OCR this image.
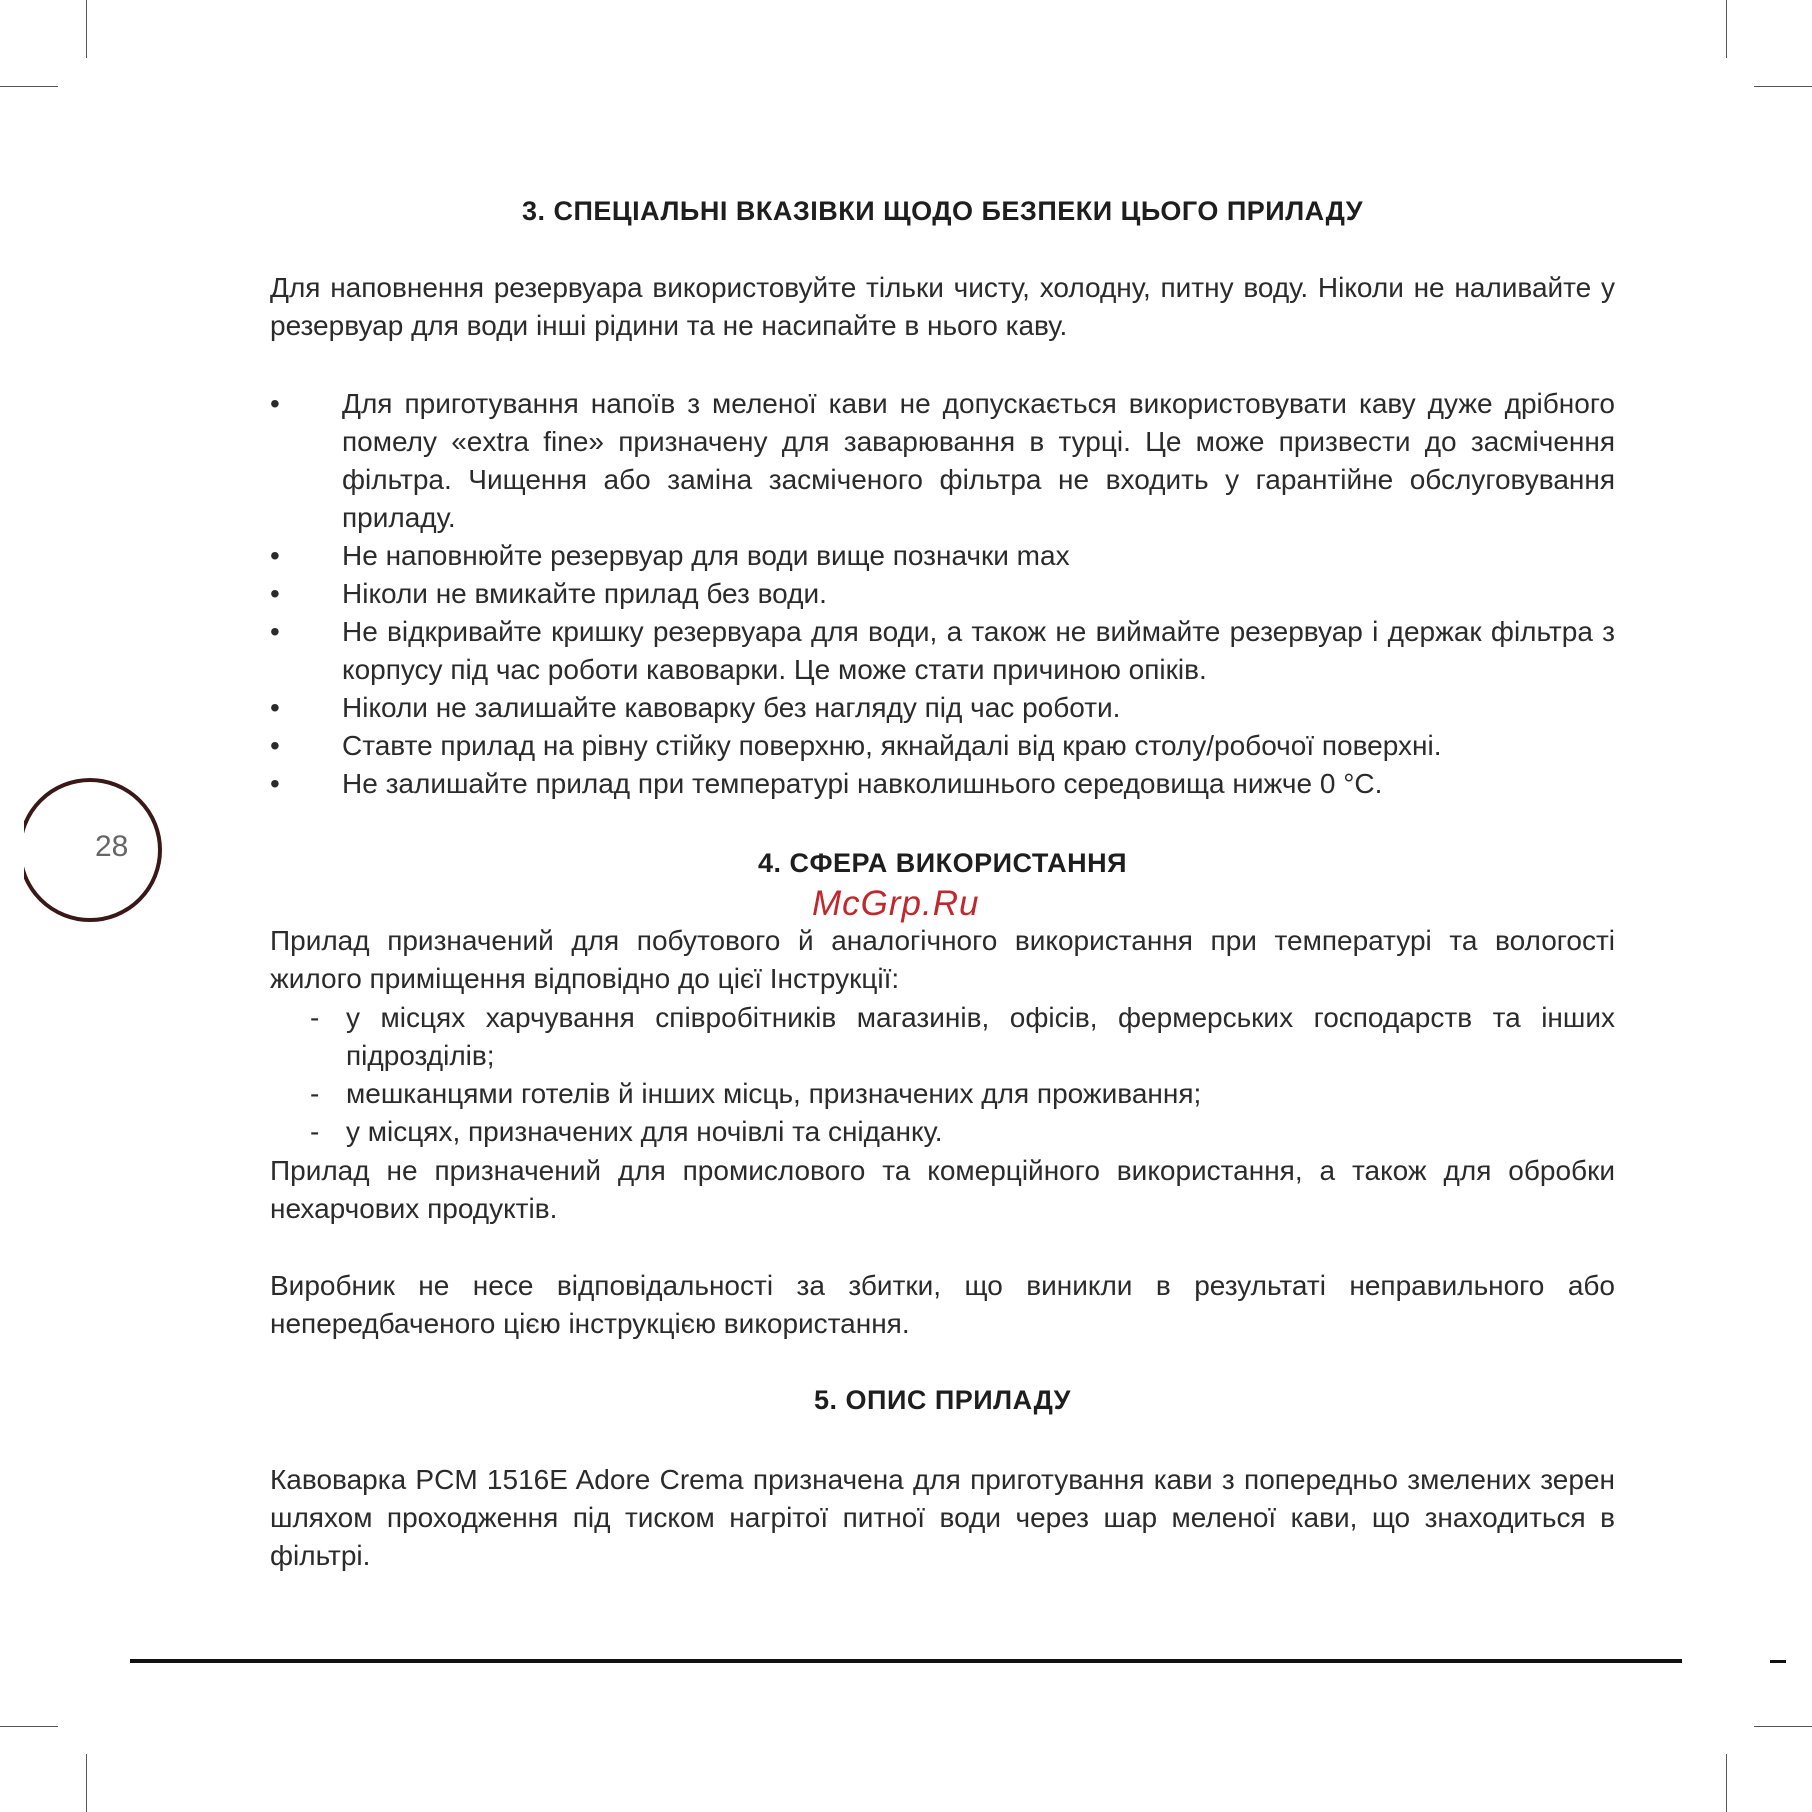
3. СПЕЦІАЛЬНІ ВКАЗІВКИ ЩОДО БЕЗПЕКИ ЦЬОГО ПРИЛАДУ

Для наповнення резервуара використовуйте тільки чисту, холодну, питну воду. Ніколи не наливайте у резервуар для води інші рідини та не насипайте в нього каву.

• Для приготування напоїв з меленої кави не допускається використовувати каву дуже дрібного помелу «extra fine» призначену для заварювання в турці. Це може призвести до засмічення фільтра. Чищення або заміна засміченого фільтра не входить у гарантійне обслуговування приладу.
• Не наповнюйте резервуар для води вище позначки max
• Ніколи не вмикайте прилад без води.
• Не відкривайте кришку резервуара для води, а також не виймайте резервуар і держак фільтра з корпусу під час роботи кавоварки. Це може стати причиною опіків.
• Ніколи не залишайте кавоварку без нагляду під час роботи.
• Ставте прилад на рівну стійку поверхню, якнайдалі від краю столу/робочої поверхні.
• Не залишайте прилад при температурі навколишнього середовища нижче 0 °С.
28	4. СФЕРА ВИКОРИСТАННЯ
McGrp.Ru

Прилад призначений для побутового й аналогічного використання при температурі та вологості жилого приміщення відповідно до цієї Інструкції:

- у місцях харчування співробітників магазинів, офісів, фермерських господарств та інших підрозділів;
- мешканцями готелів й інших місць, призначених для проживання;
- у місцях, призначених для ночівлі та сніданку.

Прилад не призначений для промислового та комерційного використання, а також для обробки нехарчових продуктів.

Виробник не несе відповідальності за збитки, що виникли в результаті неправильного або непередбаченого цією інструкцією використання.

5. ОПИС ПРИЛАДУ

Кавоварка PCM 1516E Adore Crema призначена для приготування кави з попередньо змелених зерен шляхом проходження під тиском нагрітої питної води через шар меленої кави, що знаходиться в фільтрі.
